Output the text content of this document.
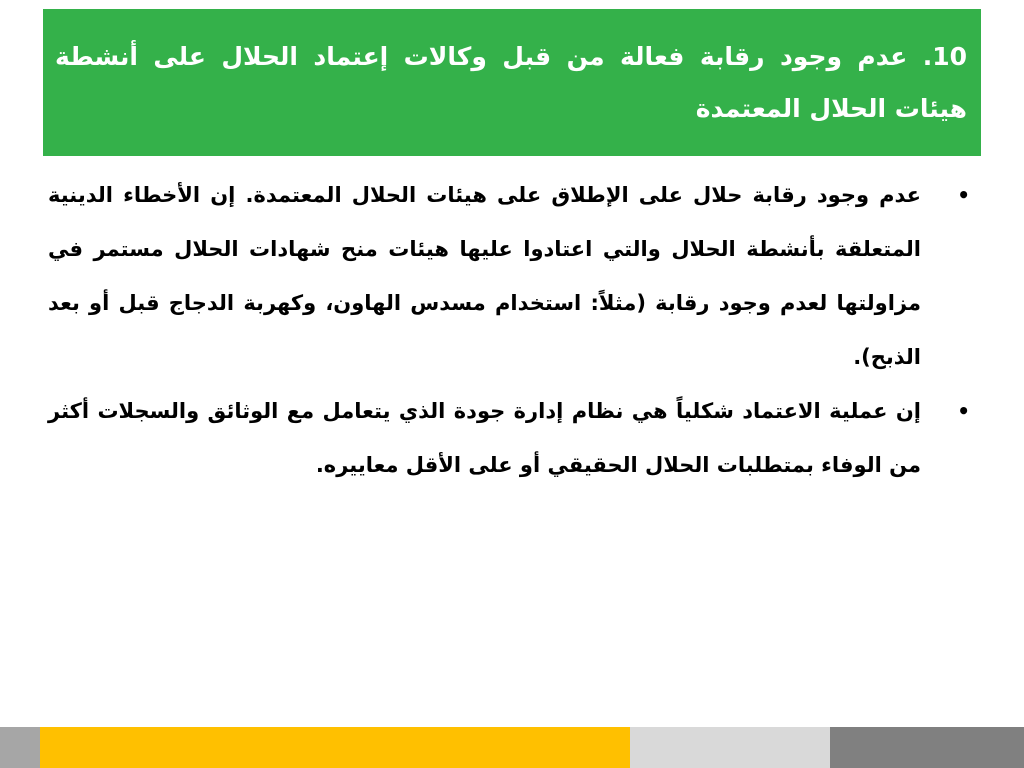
10. عدم وجود رقابة فعالة من قبل وكالات إعتماد الحلال على أنشطة هيئات الحلال المعتمدة
•
عدم وجود رقابة حلال على الإطلاق على هيئات الحلال المعتمدة. إن الأخطاء الدينية المتعلقة بأنشطة الحلال والتي اعتادوا عليها هيئات منح شهادات الحلال مستمر في مزاولتها لعدم وجود رقابة (مثلاً: استخدام مسدس الهاون، وكهربة الدجاج قبل أو بعد الذبح).
•
إن عملية الاعتماد شكلياً هي نظام إدارة جودة الذي يتعامل مع الوثائق والسجلات أكثر من الوفاء بمتطلبات الحلال الحقيقي أو على الأقل معاييره.
